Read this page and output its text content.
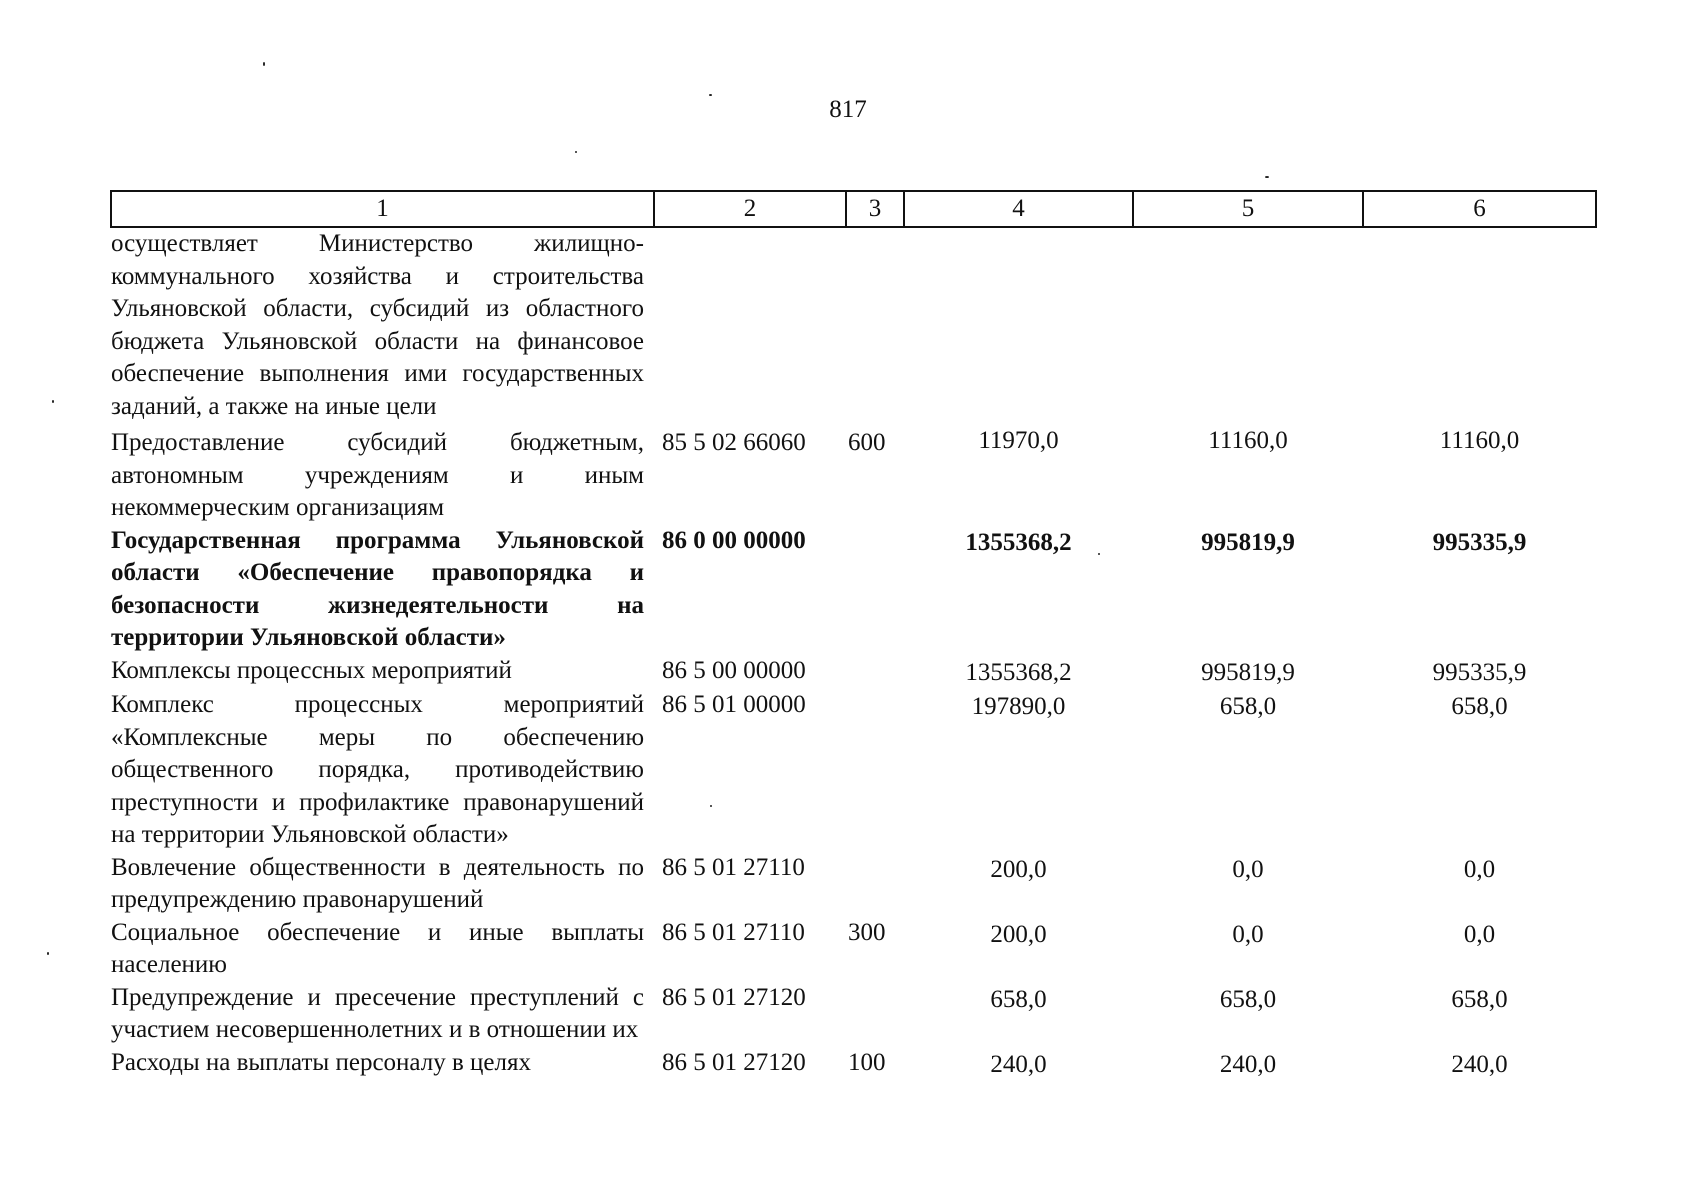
817
1	2	3	4	5	6
осуществляет Министерство жилищно-коммунального хозяйства и строительства Ульяновской области, субсидий из областного бюджета Ульяновской области на финансовое обеспечение выполнения ими государственных заданий, а также на иные цели					
Предоставление субсидий бюджетным, автономным учреждениям и иным некоммерческим организациям	85 5 02 66060	600	11970,0	11160,0	11160,0
Государственная программа Ульяновской области «Обеспечение правопорядка и безопасности жизнедеятельности на территории Ульяновской области»	86 0 00 00000		1355368,2	995819,9	995335,9
Комплексы процессных мероприятий	86 5 00 00000		1355368,2	995819,9	995335,9
Комплекс процессных мероприятий «Комплексные меры по обеспечению общественного порядка, противодействию преступности и профилактике правонарушений на территории Ульяновской области»	86 5 01 00000		197890,0	658,0	658,0
Вовлечение общественности в деятельность по предупреждению правонарушений	86 5 01 27110		200,0	0,0	0,0
Социальное обеспечение и иные выплаты населению	86 5 01 27110	300	200,0	0,0	0,0
Предупреждение и пресечение преступлений с участием несовершеннолетних и в отношении их	86 5 01 27120		658,0	658,0	658,0
Расходы на выплаты персоналу в целях	86 5 01 27120	100	240,0	240,0	240,0
